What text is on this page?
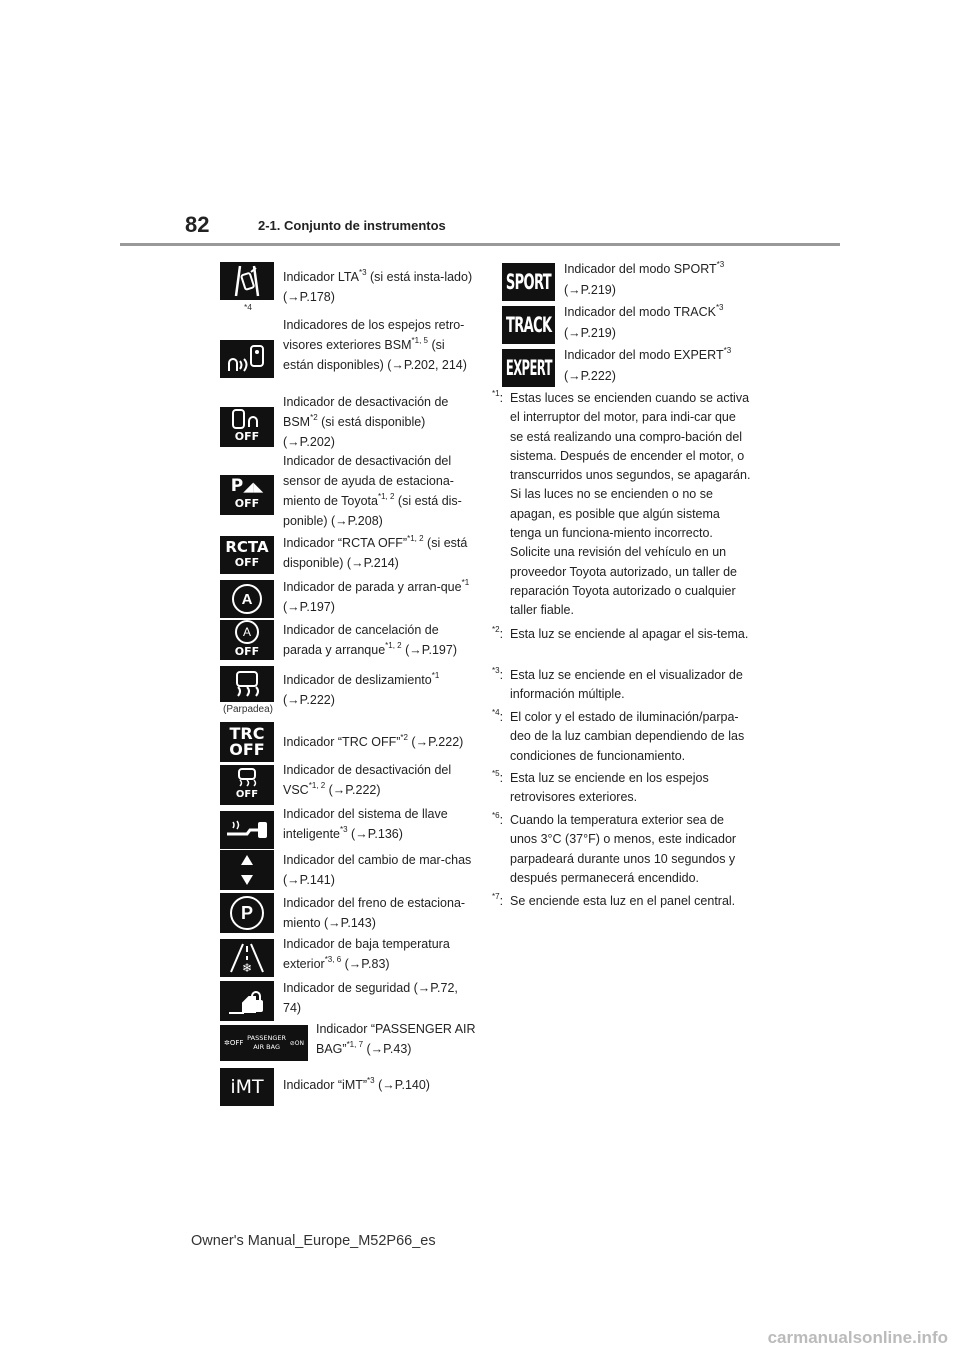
82	2-1. Conjunto de instrumentos
*4
Indicador LTA$^{*3}$ (si está insta-lado) (→P.178)
Indicadores de los espejos retro-visores exteriores BSM$^{*1, 5}$ (si están disponibles) (→P.202, 214)
OFF
Indicador de desactivación de BSM$^{*2}$ (si está disponible) (→P.202)
P◢◣
OFF
Indicador de desactivación del sensor de ayuda de estaciona-miento de Toyota$^{*1, 2}$ (si está dis-ponible) (→P.208)
RCTA
OFF
Indicador “RCTA OFF”$^{*1, 2}$ (si está disponible) (→P.214)
A
Indicador de parada y arran-que$^{*1}$ (→P.197)
A
OFF
Indicador de cancelación de parada y arranque$^{*1, 2}$ (→P.197)
(Parpadea)
Indicador de deslizamiento$^{*1}$ (→P.222)
TRC
OFF Indicador “TRC OFF”$^{*2}$ (→P.222)
OFF
Indicador de desactivación del VSC$^{*1, 2}$ (→P.222)
Indicador del sistema de llave inteligente$^{*3}$ (→P.136)
Indicador del cambio de mar-chas (→P.141)
P	Indicador del freno de estaciona-miento (→P.143)
❄
Indicador de baja temperatura exterior$^{*3, 6}$ (→P.83)
Indicador de seguridad (→P.72, 74)
✲OFF
PASSENGER
AIR BAG ⊘ON
Indicador “PASSENGER AIR BAG”$^{*1, 7}$ (→P.43)
iMT Indicador “iMT”$^{*3}$ (→P.140)
SPORT
Indicador del modo SPORT$^{*3}$ (→P.219)
TRACK
Indicador del modo TRACK$^{*3}$ (→P.219)
EXPERT
Indicador del modo EXPERT$^{*3}$ (→P.222)
$^{*1}$: Estas luces se encienden cuando se activa el interruptor del motor, para indi-car que se está realizando una compro-bación del sistema. Después de encender el motor, o transcurridos unos segundos, se apagarán. Si las luces no se encienden o no se apagan, es posible que algún sistema tenga un funciona-miento incorrecto. Solicite una revisión del vehículo en un proveedor Toyota autorizado, un taller de reparación Toyota autorizado o cualquier taller fiable.
$^{*2}$: Esta luz se enciende al apagar el sis-tema.
$^{*3}$: Esta luz se enciende en el visualizador de información múltiple.
$^{*4}$: El color y el estado de iluminación/parpa-deo de la luz cambian dependiendo de las condiciones de funcionamiento.
$^{*5}$: Esta luz se enciende en los espejos retrovisores exteriores.
$^{*6}$: Cuando la temperatura exterior sea de unos 3°C (37°F) o menos, este indicador parpadeará durante unos 10 segundos y después permanecerá encendido.
$^{*7}$: Se enciende esta luz en el panel central.
Owner's Manual_Europe_M52P66_es
carmanualsonline.info
